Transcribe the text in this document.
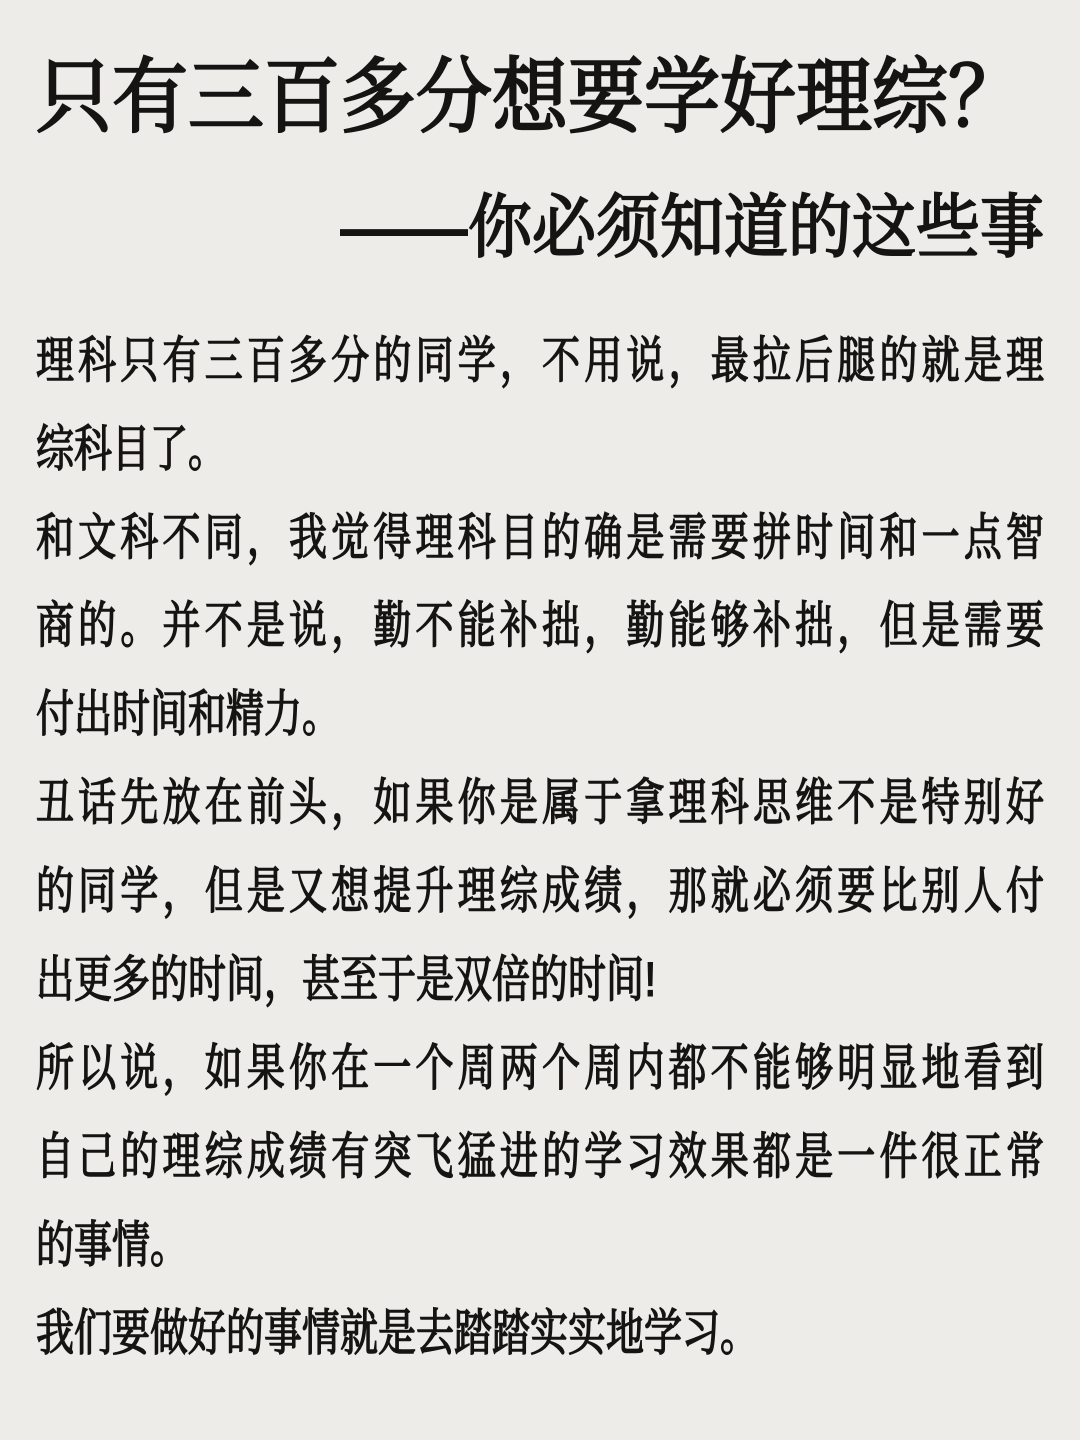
只有三百多分想要学好理综？
——你必须知道的这些事
理科只有三百多分的同学，不用说，最拉后腿的就是理
综科目了。
和文科不同，我觉得理科目的确是需要拼时间和一点智
商的。并不是说，勤不能补拙，勤能够补拙，但是需要
付出时间和精力。
丑话先放在前头，如果你是属于拿理科思维不是特别好
的同学，但是又想提升理综成绩，那就必须要比别人付
出更多的时间，甚至于是双倍的时间!
所以说，如果你在一个周两个周内都不能够明显地看到
自己的理综成绩有突飞猛进的学习效果都是一件很正常
的事情。
我们要做好的事情就是去踏踏实实地学习。
